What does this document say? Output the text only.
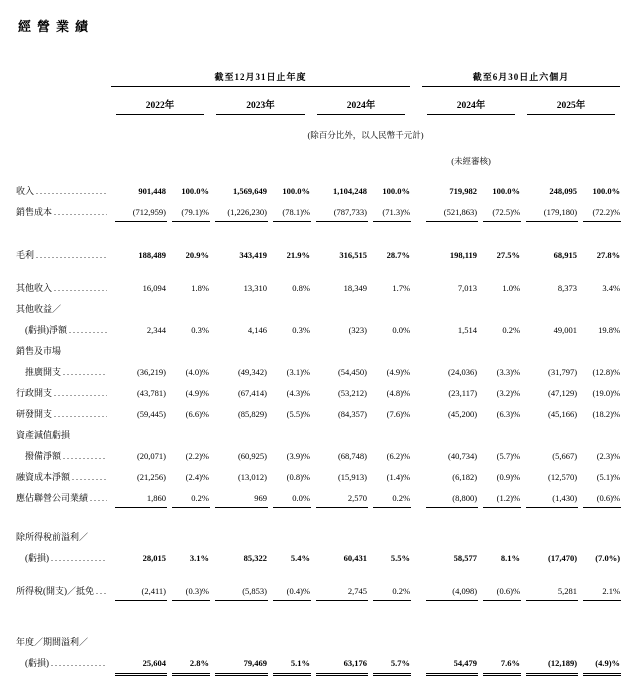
經營業績
	截至12月31日止年度							截至6月30日止六個月			
	2022年		2023年		2024年			2024年		2025年	
	(除百分比外，以人民幣千元計)										
								(未經審核)			

收入
.....	901,448	100.0%	1,569,649	100.0%	1,104,248	100.0%		719,982	100.0%	248,095	100.0%

銷售成本
.....	(712,959)	(79.1)%	(1,226,230)	(78.1)%	(787,733)	(71.3)%		(521,863)	(72.5)%	(179,180)	(72.2)%

毛利
.....	188,489	20.9%	343,419	21.9%	316,515	28.7%		198,119	27.5%	68,915	27.8%

其他收入
.....	16,094	1.8%	13,310	0.8%	18,349	1.7%		7,013	1.0%	8,373	3.4%

其他收益／
(虧損)淨額
.....	2,344	0.3%	4,146	0.3%	(323)	0.0%		1,514	0.2%	49,001	19.8%

銷售及市場
推廣開支
.....	(36,219)	(4.0)%	(49,342)	(3.1)%	(54,450)	(4.9)%		(24,036)	(3.3)%	(31,797)	(12.8)%

行政開支
.....	(43,781)	(4.9)%	(67,414)	(4.3)%	(53,212)	(4.8)%		(23,117)	(3.2)%	(47,129)	(19.0)%

研發開支
.....	(59,445)	(6.6)%	(85,829)	(5.5)%	(84,357)	(7.6)%		(45,200)	(6.3)%	(45,166)	(18.2)%

資產減值虧損
撥備淨額
.....	(20,071)	(2.2)%	(60,925)	(3.9)%	(68,748)	(6.2)%		(40,734)	(5.7)%	(5,667)	(2.3)%

融資成本淨額
.....	(21,256)	(2.4)%	(13,012)	(0.8)%	(15,913)	(1.4)%		(6,182)	(0.9)%	(12,570)	(5.1)%

應佔聯營公司業績
.....	1,860	0.2%	969	0.0%	2,570	0.2%		(8,800)	(1.2)%	(1,430)	(0.6)%

除所得稅前溢利／
(虧損)
.....	28,015	3.1%	85,322	5.4%	60,431	5.5%		58,577	8.1%	(17,470)	(7.0%)

所得稅(開支)／抵免
.....	(2,411)	(0.3)%	(5,853)	(0.4)%	2,745	0.2%		(4,098)	(0.6)%	5,281	2.1%

年度／期間溢利／
(虧損)
.....	25,604	2.8%	79,469	5.1%	63,176	5.7%		54,479	7.6%	(12,189)	(4.9)%
